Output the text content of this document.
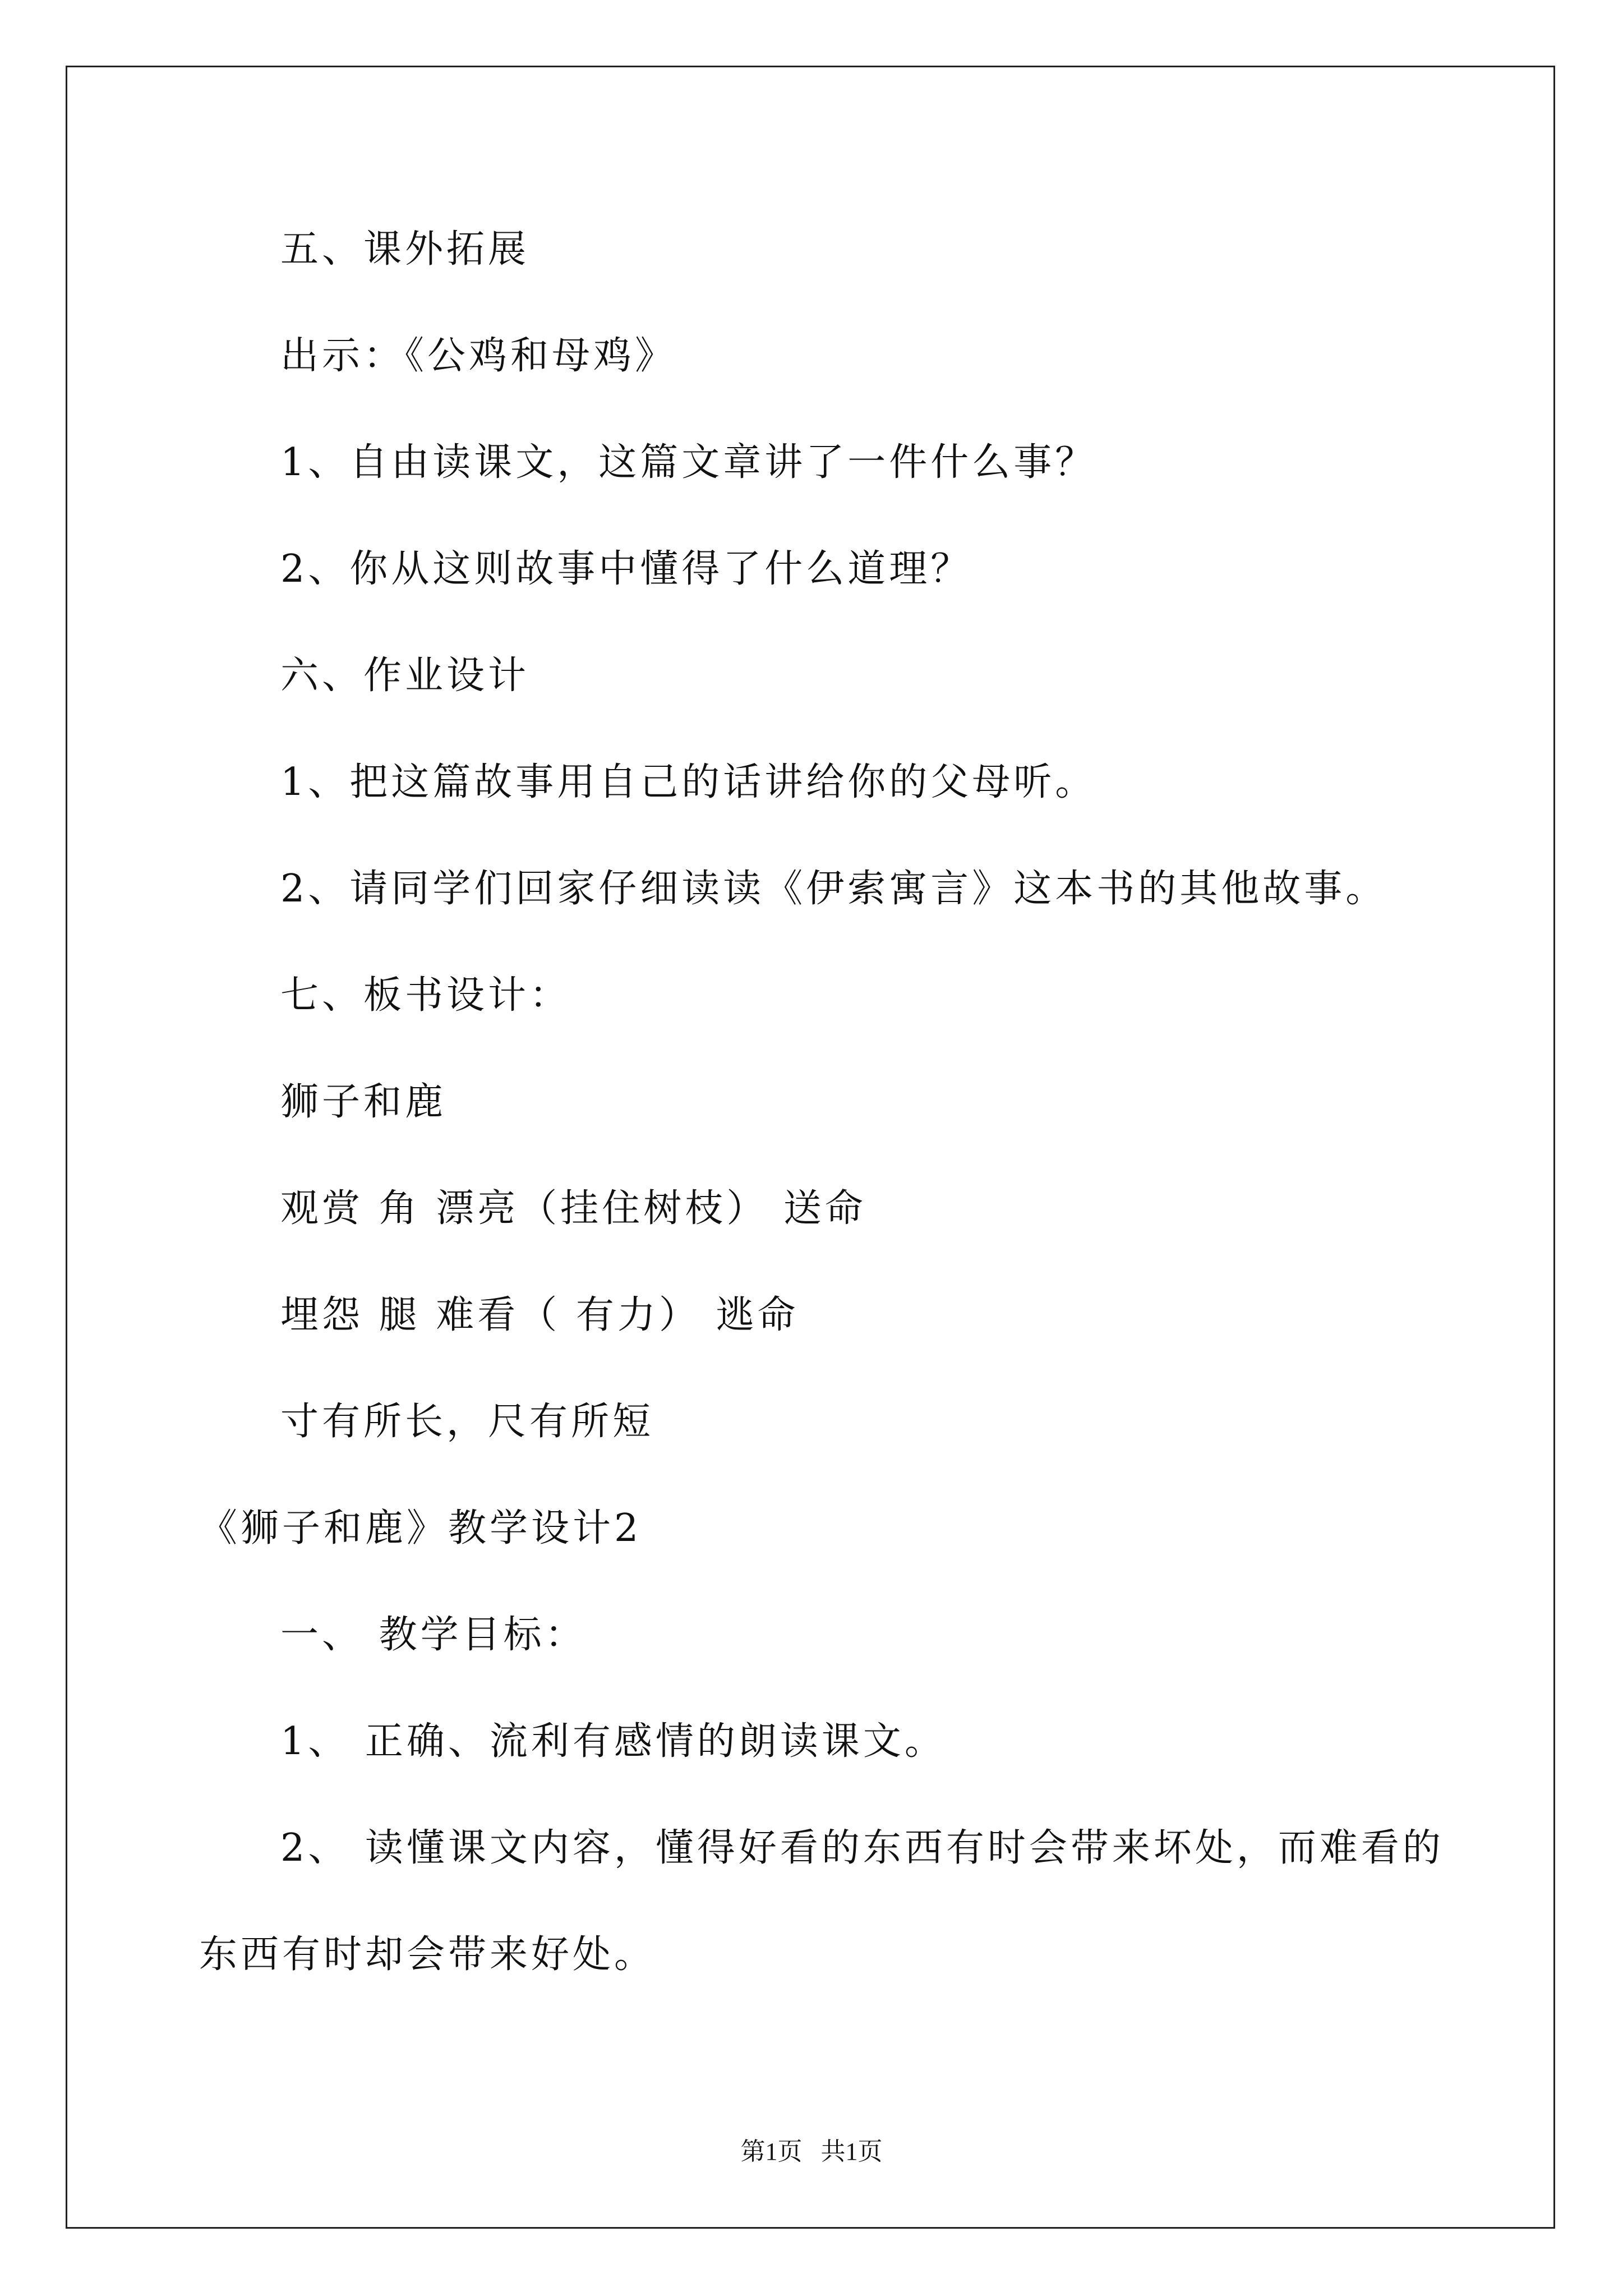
五、课外拓展
出示：《公鸡和母鸡》
1、自由读课文，这篇文章讲了一件什么事？
2、你从这则故事中懂得了什么道理？
六、作业设计
1、把这篇故事用自己的话讲给你的父母听。
2、请同学们回家仔细读读《伊索寓言》这本书的其他故事。
七、板书设计：
狮子和鹿
观赏 角 漂亮（挂住树枝） 送命
埋怨 腿 难看（ 有力） 逃命
寸有所长，尺有所短
《狮子和鹿》教学设计2
一、 教学目标：
1、 正确、流利有感情的朗读课文。
2、 读懂课文内容，懂得好看的东西有时会带来坏处，而难看的
东西有时却会带来好处。
第1页   共1页
